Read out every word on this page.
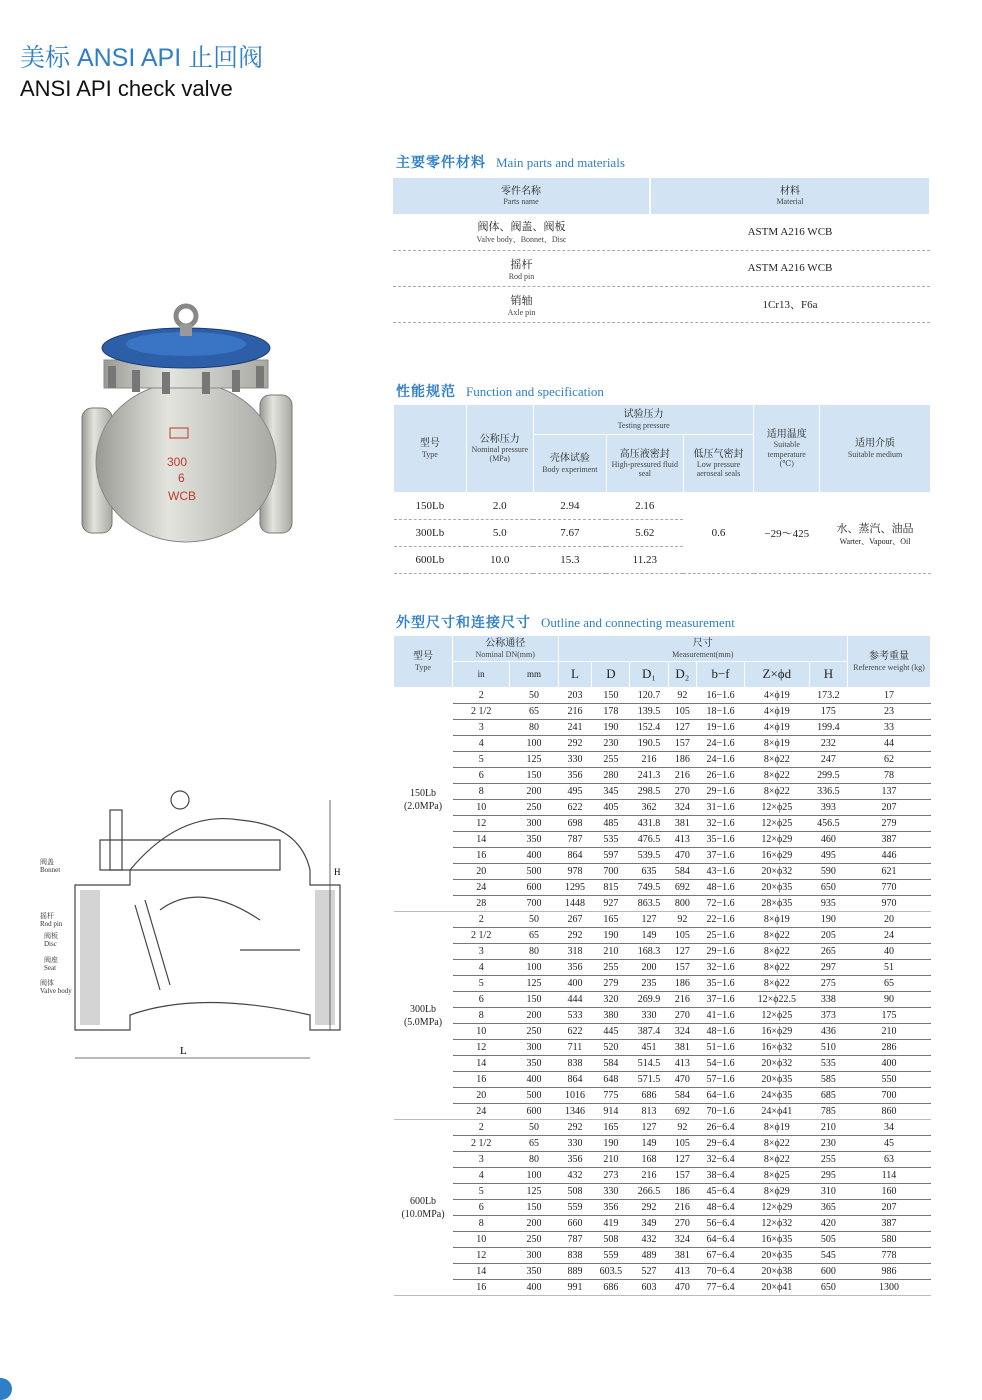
美标 ANSI API 止回阀
ANSI API check valve
300
6
WCB
阀盖
Bonnet
摇杆
Rod pin
阀板
Disc
阀座
Seat
阀体
Valve body
L
H
主要零件材料 Main parts and materials
零件名称
Parts name	材料
Material

阀体、阀盖、阀板
Valve body、Bonnet、Disc	ASTM A216 WCB
摇杆
Rod pin	ASTM A216 WCB
销轴
Axle pin	1Cr13、F6a
性能规范 Function and specification
型号
Type	公称压力
Nominal pressure
(MPa)	试验压力
Testing pressure			适用温度
Suitable temperature
(℃)	适用介质
Suitable medium

		壳体试验
Body experiment	高压液密封
High-pressured fluid seal	低压气密封
Low pressure aeroseal seals		

150Lb	2.0	2.94	2.16	0.6	−29～425	水、蒸汽、油品
Warter、Vapour、Oil

300Lb	5.0	7.67	5.62			
600Lb	10.0	15.3	11.23			
外型尺寸和连接尺寸 Outline and connecting measurement
型号
Type	公称通径
Nominal DN(mm)		尺寸
Measurement(mm)							参考重量
Reference weight (kg)

	in	mm	L	D	D₁	D₂	b−f	Z×ϕd	H	

150Lb
(2.0MPa)	2	50	203	150	120.7	92	16−1.6	4×ϕ19	173.2	17
	2 1/2	65	216	178	139.5	105	18−1.6	4×ϕ19	175	23
	3	80	241	190	152.4	127	19−1.6	4×ϕ19	199.4	33
	4	100	292	230	190.5	157	24−1.6	8×ϕ19	232	44
	5	125	330	255	216	186	24−1.6	8×ϕ22	247	62
	6	150	356	280	241.3	216	26−1.6	8×ϕ22	299.5	78
	8	200	495	345	298.5	270	29−1.6	8×ϕ22	336.5	137
	10	250	622	405	362	324	31−1.6	12×ϕ25	393	207
	12	300	698	485	431.8	381	32−1.6	12×ϕ25	456.5	279
	14	350	787	535	476.5	413	35−1.6	12×ϕ29	460	387
	16	400	864	597	539.5	470	37−1.6	16×ϕ29	495	446
	20	500	978	700	635	584	43−1.6	20×ϕ32	590	621
	24	600	1295	815	749.5	692	48−1.6	20×ϕ35	650	770
	28	700	1448	927	863.5	800	72−1.6	28×ϕ35	935	970

300Lb
(5.0MPa)	2	50	267	165	127	92	22−1.6	8×ϕ19	190	20
	2 1/2	65	292	190	149	105	25−1.6	8×ϕ22	205	24
	3	80	318	210	168.3	127	29−1.6	8×ϕ22	265	40
	4	100	356	255	200	157	32−1.6	8×ϕ22	297	51
	5	125	400	279	235	186	35−1.6	8×ϕ22	275	65
	6	150	444	320	269.9	216	37−1.6	12×ϕ22.5	338	90
	8	200	533	380	330	270	41−1.6	12×ϕ25	373	175
	10	250	622	445	387.4	324	48−1.6	16×ϕ29	436	210
	12	300	711	520	451	381	51−1.6	16×ϕ32	510	286
	14	350	838	584	514.5	413	54−1.6	20×ϕ32	535	400
	16	400	864	648	571.5	470	57−1.6	20×ϕ35	585	550
	20	500	1016	775	686	584	64−1.6	24×ϕ35	685	700
	24	600	1346	914	813	692	70−1.6	24×ϕ41	785	860

600Lb
(10.0MPa)	2	50	292	165	127	92	26−6.4	8×ϕ19	210	34
	2 1/2	65	330	190	149	105	29−6.4	8×ϕ22	230	45
	3	80	356	210	168	127	32−6.4	8×ϕ22	255	63
	4	100	432	273	216	157	38−6.4	8×ϕ25	295	114
	5	125	508	330	266.5	186	45−6.4	8×ϕ29	310	160
	6	150	559	356	292	216	48−6.4	12×ϕ29	365	207
	8	200	660	419	349	270	56−6.4	12×ϕ32	420	387
	10	250	787	508	432	324	64−6.4	16×ϕ35	505	580
	12	300	838	559	489	381	67−6.4	20×ϕ35	545	778
	14	350	889	603.5	527	413	70−6.4	20×ϕ38	600	986
	16	400	991	686	603	470	77−6.4	20×ϕ41	650	1300
